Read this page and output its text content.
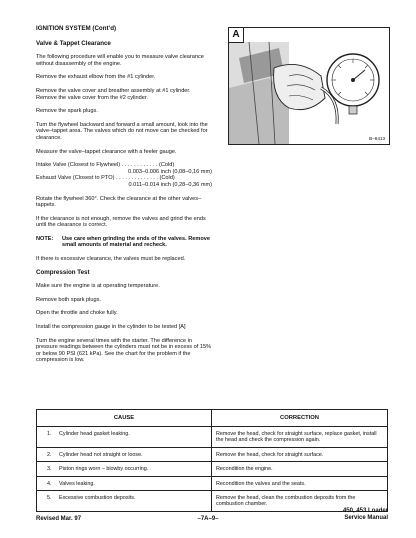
IGNITION SYSTEM (Cont’d)
Valve & Tappet Clearance

The following procedure will enable you to measure valve clearance without disassembly of the engine.

Remove the exhaust elbow from the #1 cylinder.

Remove the valve cover and breather assembly at #1 cylinder. Remove the valve cover from the #2 cylinder.

Remove the spark plugs.

Turn the flywheel backward and forward a small amount, look into the valve–tappet area. The valves which do not move can be checked for clearance.

Measure the valve–tappet clearance with a feeler gauge.

Intake Valve (Closest to Flywheel) . . . . . . . . . . . . (Cold)
0.003–0.006 inch (0,08–0,16 mm)
Exhaust Valve (Closest to PTO) . . . . . . . . . . . . . . (Cold)
0.011–0.014 inch (0,28–0,36 mm)

Rotate the flywheel 360°. Check the clearance at the other valves–tappets.

If the clearance is not enough, remove the valves and grind the ends until the clearance is correct.

NOTE:	Use care when grinding the ends of the valves. Remove small amounts of material and recheck.

If there is excessive clearance, the valves must be replaced.

Compression Test

Make sure the engine is at operating temperature.

Remove both spark plugs.

Open the throttle and choke fully.

Install the compression gauge in the cylinder to be tested [A]

Turn the engine several times with the starter. The difference in pressure readings between the cylinders must not be in excess of 15% or below 90 PSI (621 kPa). See the chart for the problem if the compression is low.

A
B–6413
CAUSE	CORRECTION
1. Cylinder head gasket leaking.	Remove the head, check for straight surface, replace gasket, install the head and check the compression again.
2. Cylinder head not straight or loose.	Remove the head, check for straight surface.
3. Piston rings worn – blowby occurring.	Recondition the engine.
4. Valves leaking.	Recondition the valves and the seats.
5. Excessive combustion deposits.	Remove the head, clean the combustion deposits from the combustion chamber.
Revised Mar. 97	–7A–9–
450, 453 Loader
Service Manual
